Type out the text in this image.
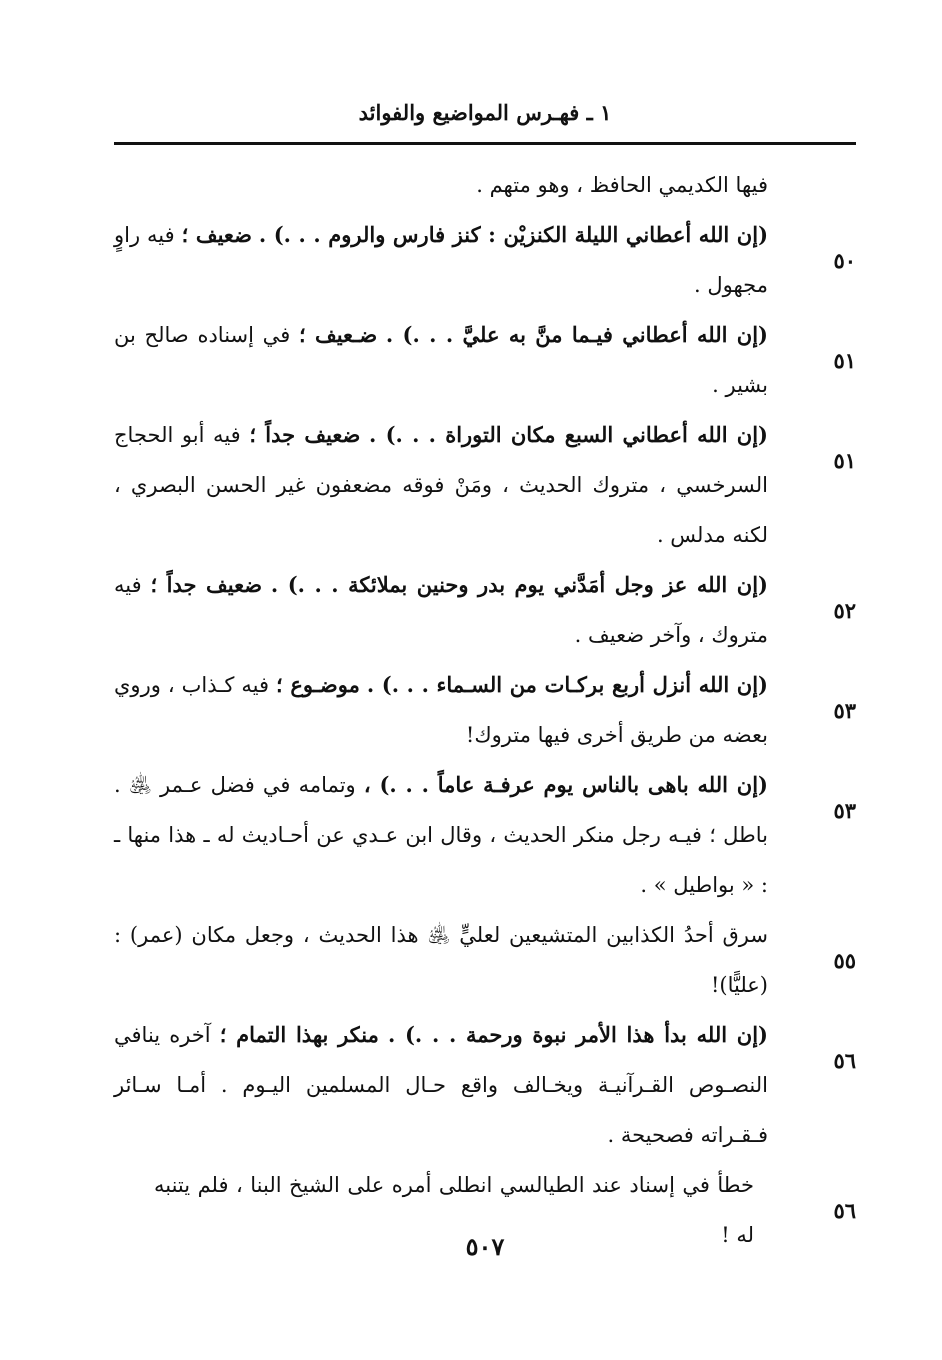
١ ـ فهـرس المواضيع والفوائد
فيها الكديمي الحافظ ، وهو متهم .
٥٠
(إن الله أعطاني الليلة الكنزيْن : كنز فارس والروم . . .) . ضعيف ؛ فيه راوٍ مجهول .
٥١
(إن الله أعطاني فيـما منَّ به عليَّ . . .) . ضـعيف ؛ في إسناده صالح بن بشير .
٥١
(إن الله أعطاني السبع مكان التوراة . . .) . ضعيف جداً ؛ فيه أبو الحجاج السرخسي ، متروك الحديث ، ومَنْ فوقه مضعفون غير الحسن البصري ، لكنه مدلس .
٥٢
(إن الله عز وجل أمَدَّني يوم بدر وحنين بملائكة . . .) . ضعيف جداً ؛ فيه متروك ، وآخر ضعيف .
٥٣
(إن الله أنزل أربع بركـات من السـماء . . .) . موضـوع ؛ فيه كـذاب ، وروي بعضه من طريق أخرى فيها متروك!
٥٣
(إن الله باهى بالناس يوم عرفـة عاماً . . .) ، وتمامه في فضل عـمر ﵁ . باطل ؛ فيـه رجل منكر الحديث ، وقال ابن عـدي عن أحـاديث له ـ هذا منها ـ : « بواطيل » .
٥٥
سرق أحدُ الكذابين المتشيعين لعليٍّ ﵁ هذا الحديث ، وجعل مكان (عمر) : (عليًّا)!
٥٦
(إن الله بدأ هذا الأمر نبوة ورحمة . . .) . منكر بهذا التمام ؛ آخره ينافي النصـوص القـرآنيـة ويخـالف واقع حـال المسلمين اليـوم . أمـا سـائر فـقـراته فصحيحة .
٥٦
خطأ في إسناد عند الطيالسي انطلى أمره على الشيخ البنا ، فلم يتنبه له !
٥٠٧
